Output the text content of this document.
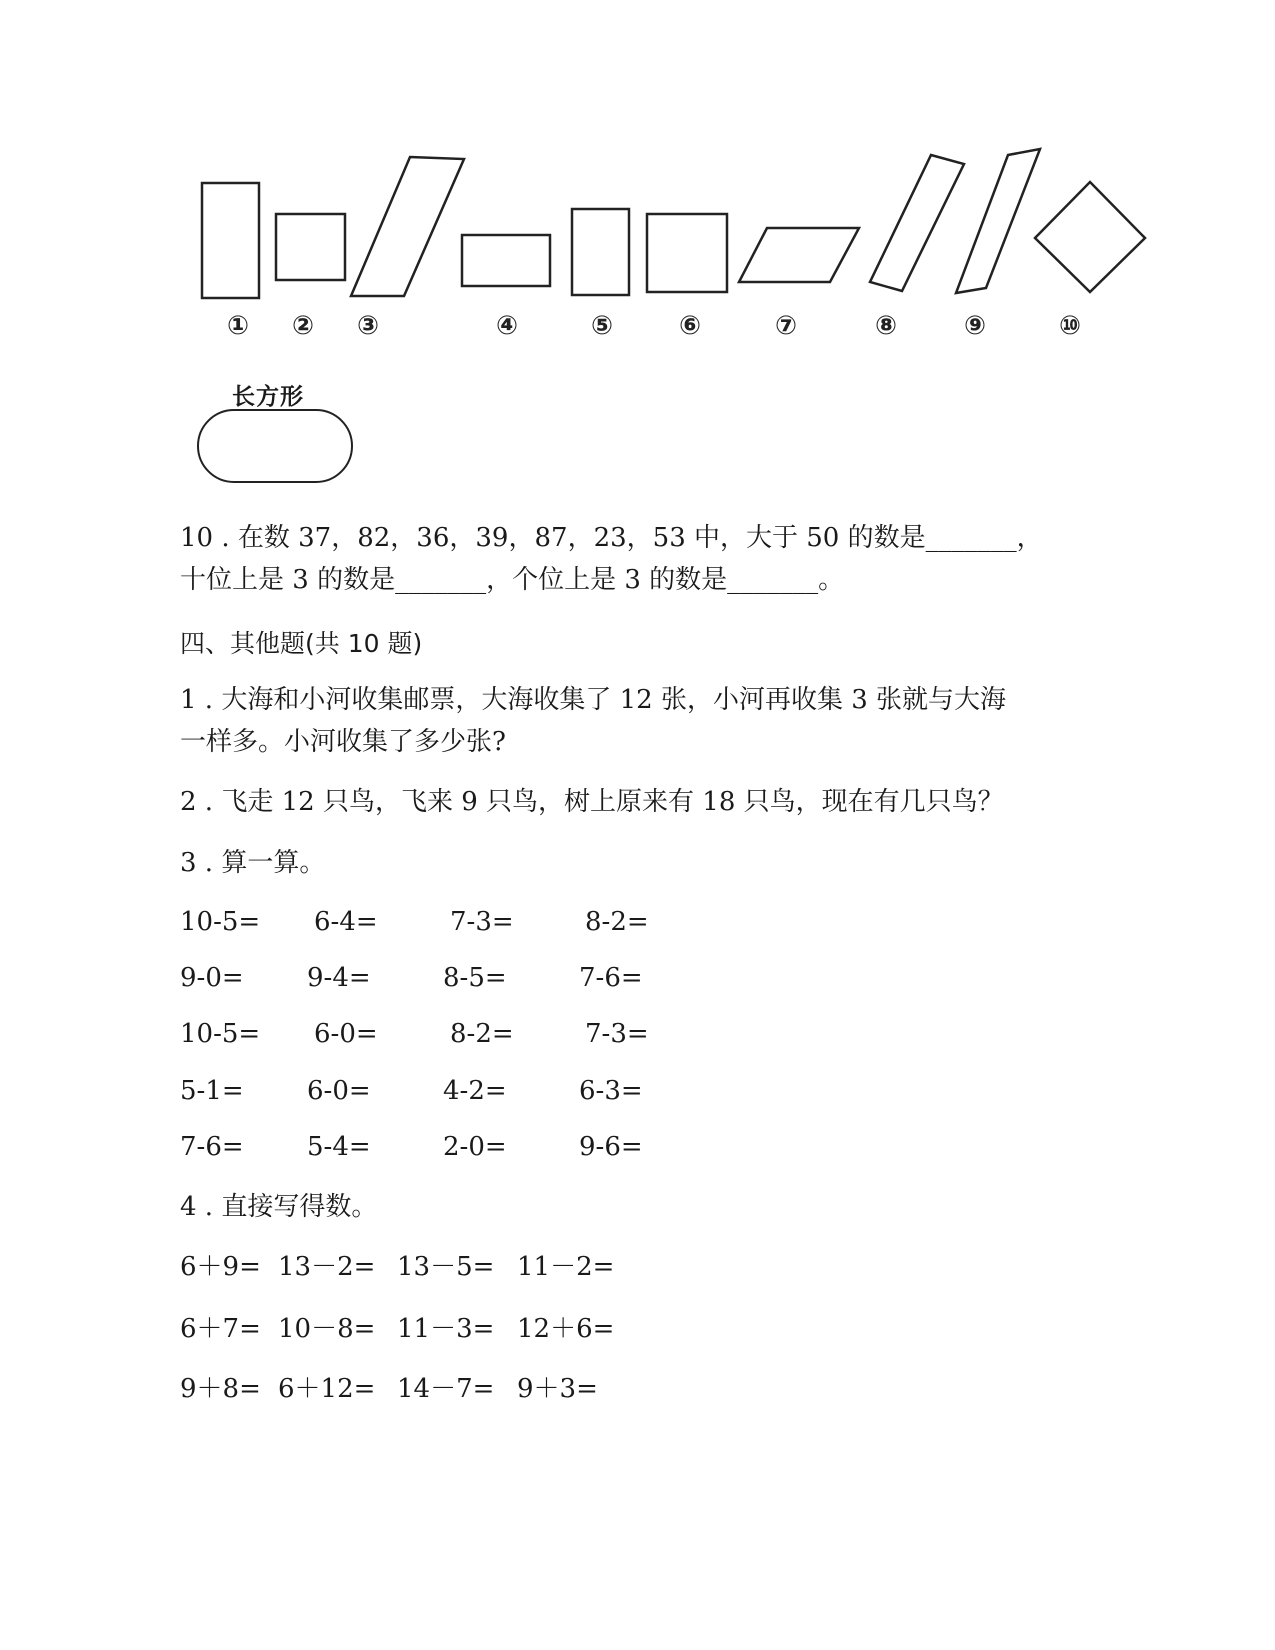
① ② ③	④	⑤	⑥	⑦	⑧	⑨	⑩
长方形
10 . 在数 37，82，36，39，87，23，53 中，大于 50 的数是_______，
十位上是 3 的数是_______，个位上是 3 的数是_______。
四、其他题(共 10 题)
1 . 大海和小河收集邮票，大海收集了 12 张，小河再收集 3 张就与大海
一样多。小河收集了多少张?
2 . 飞走 12 只鸟，飞来 9 只鸟，树上原来有 18 只鸟，现在有几只鸟？
3 . 算一算。
10-5= 6-4=	7-3=	8-2=
9-0= 9-4=	8-5=	7-6=
10-5= 6-0=	8-2=	7-3=
5-1= 6-0=	4-2=	6-3=
7-6= 5-4=	2-0=	9-6=
4 . 直接写得数。
6＋9= 13－2= 13－5= 11－2=
6＋7= 10－8= 11－3= 12＋6=
9＋8= 6＋12= 14－7= 9＋3=
